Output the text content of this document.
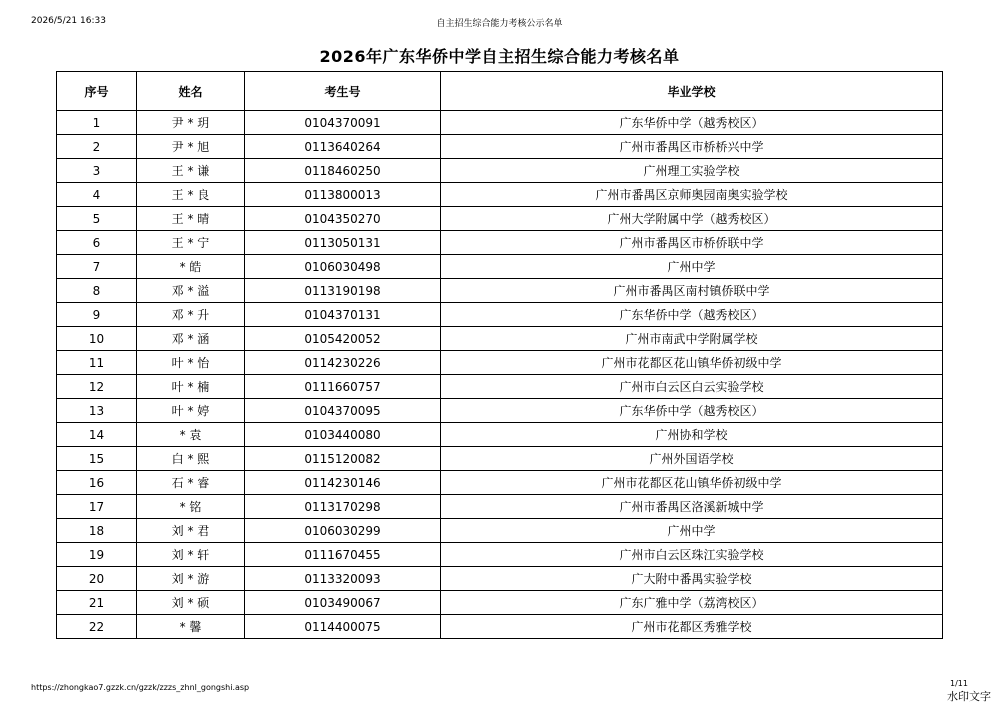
2026/5/21 16:33	自主招生综合能力考核公示名单
2026年广东华侨中学自主招生综合能力考核名单
序号	姓名	考生号	毕业学校
1	尹 * 玥	0104370091	广东华侨中学（越秀校区）
2	尹 * 旭	0113640264	广州市番禺区市桥桥兴中学
3	王 * 谦	0118460250	广州理工实验学校
4	王 * 良	0113800013	广州市番禺区京师奥园南奥实验学校
5	王 * 晴	0104350270	广州大学附属中学（越秀校区）
6	王 * 宁	0113050131	广州市番禺区市桥侨联中学
7	* 皓	0106030498	广州中学
8	邓 * 溢	0113190198	广州市番禺区南村镇侨联中学
9	邓 * 升	0104370131	广东华侨中学（越秀校区）
10	邓 * 涵	0105420052	广州市南武中学附属学校
11	叶 * 怡	0114230226	广州市花都区花山镇华侨初级中学
12	叶 * 楠	0111660757	广州市白云区白云实验学校
13	叶 * 婷	0104370095	广东华侨中学（越秀校区）
14	* 袁	0103440080	广州协和学校
15	白 * 熙	0115120082	广州外国语学校
16	石 * 睿	0114230146	广州市花都区花山镇华侨初级中学
17	* 铭	0113170298	广州市番禺区洛溪新城中学
18	刘 * 君	0106030299	广州中学
19	刘 * 轩	0111670455	广州市白云区珠江实验学校
20	刘 * 游	0113320093	广大附中番禺实验学校
21	刘 * 硕	0103490067	广东广雅中学（荔湾校区）
22	* 馨	0114400075	广州市花都区秀雅学校
https://zhongkao7.gzzk.cn/gzzk/zzzs_zhnl_gongshi.asp	1/11
水印文字
